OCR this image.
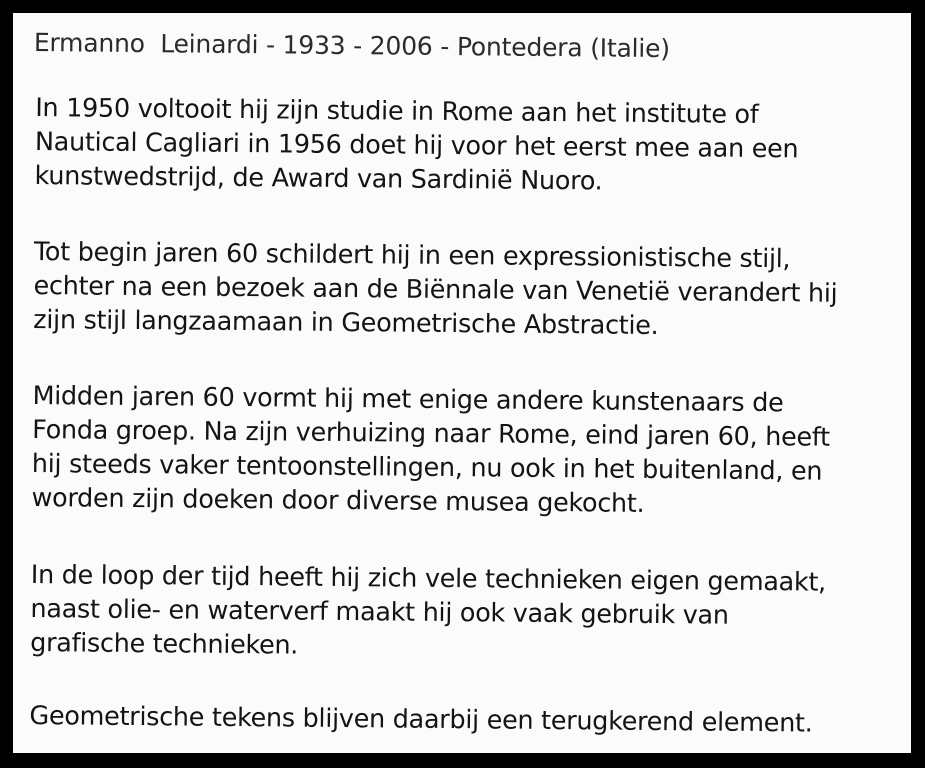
Ermanno  Leinardi - 1933 - 2006 - Pontedera (Italie)

In 1950 voltooit hij zijn studie in Rome aan het institute of
Nautical Cagliari in 1956 doet hij voor het eerst mee aan een
kunstwedstrijd, de Award van Sardinië Nuoro.

Tot begin jaren 60 schildert hij in een expressionistische stijl,
echter na een bezoek aan de Biënnale van Venetië verandert hij
zijn stijl langzaamaan in Geometrische Abstractie.

Midden jaren 60 vormt hij met enige andere kunstenaars de
Fonda groep. Na zijn verhuizing naar Rome, eind jaren 60, heeft
hij steeds vaker tentoonstellingen, nu ook in het buitenland, en
worden zijn doeken door diverse musea gekocht.

In de loop der tijd heeft hij zich vele technieken eigen gemaakt,
naast olie- en waterverf maakt hij ook vaak gebruik van
grafische technieken.

Geometrische tekens blijven daarbij een terugkerend element.
